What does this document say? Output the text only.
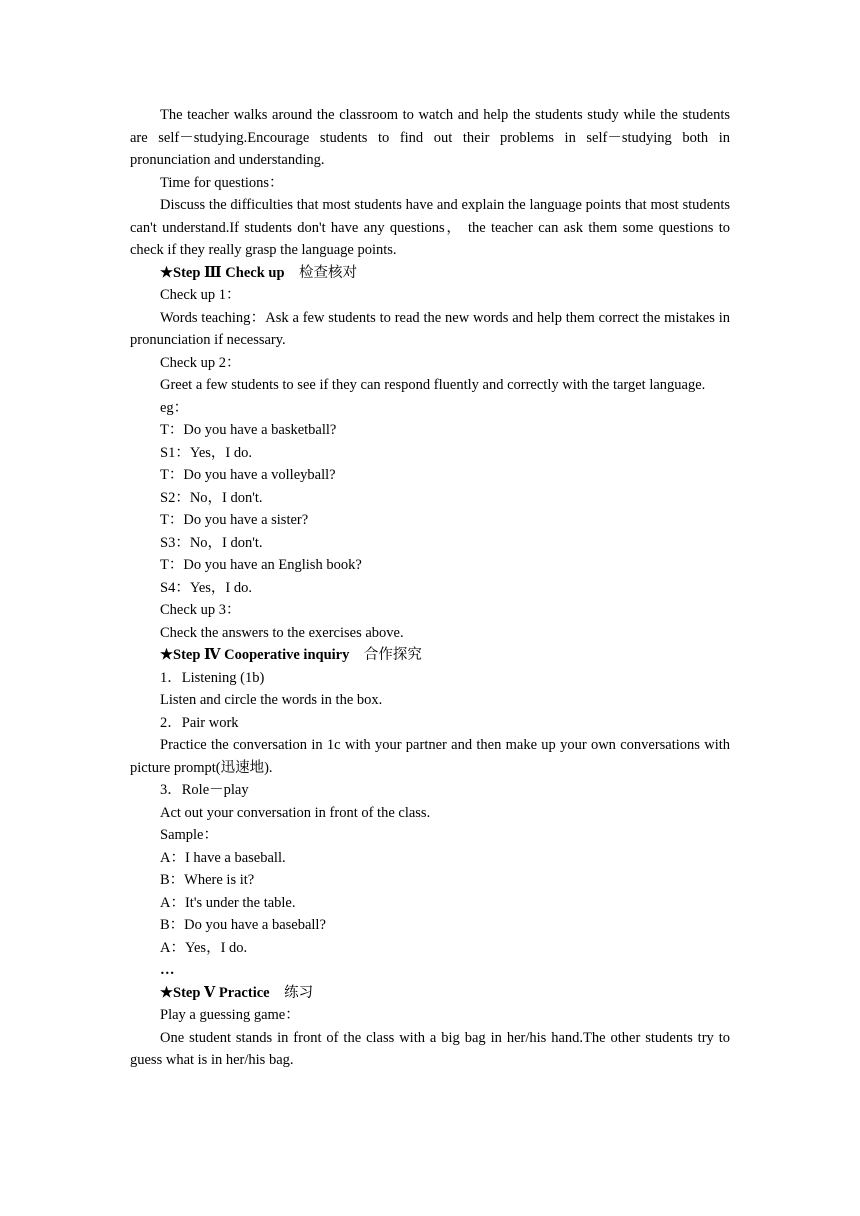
The teacher walks around the classroom to watch and help the students study while the students are self－studying.Encourage students to find out their problems in self－studying both in pronunciation and understanding.

Time for questions：

Discuss the difficulties that most students have and explain the language points that most students can't understand.If students don't have any questions， the teacher can ask them some questions to check if they really grasp the language points.

★Step Ⅲ Check up　检查核对

Check up 1：

Words teaching：Ask a few students to read the new words and help them correct the mistakes in pronunciation if necessary.

Check up 2：

Greet a few students to see if they can respond fluently and correctly with the target language.

eg：

T：Do you have a basketball?

S1：Yes，I do.

T：Do you have a volleyball?

S2：No，I don't.

T：Do you have a sister?

S3：No，I don't.

T：Do you have an English book?

S4：Yes，I do.

Check up 3：

Check the answers to the exercises above.

★Step Ⅳ Cooperative inquiry　合作探究

1．Listening (1b)

Listen and circle the words in the box.

2．Pair work

Practice the conversation in 1c with your partner and then make up your own conversations with picture prompt(迅速地).

3．Role－play

Act out your conversation in front of the class.

Sample：

A：I have a baseball.

B：Where is it?

A：It's under the table.

B：Do you have a baseball?

A：Yes，I do.

…

★Step Ⅴ Practice　练习

Play a guessing game：

One student stands in front of the class with a big bag in her/his hand.The other students try to guess what is in her/his bag.
